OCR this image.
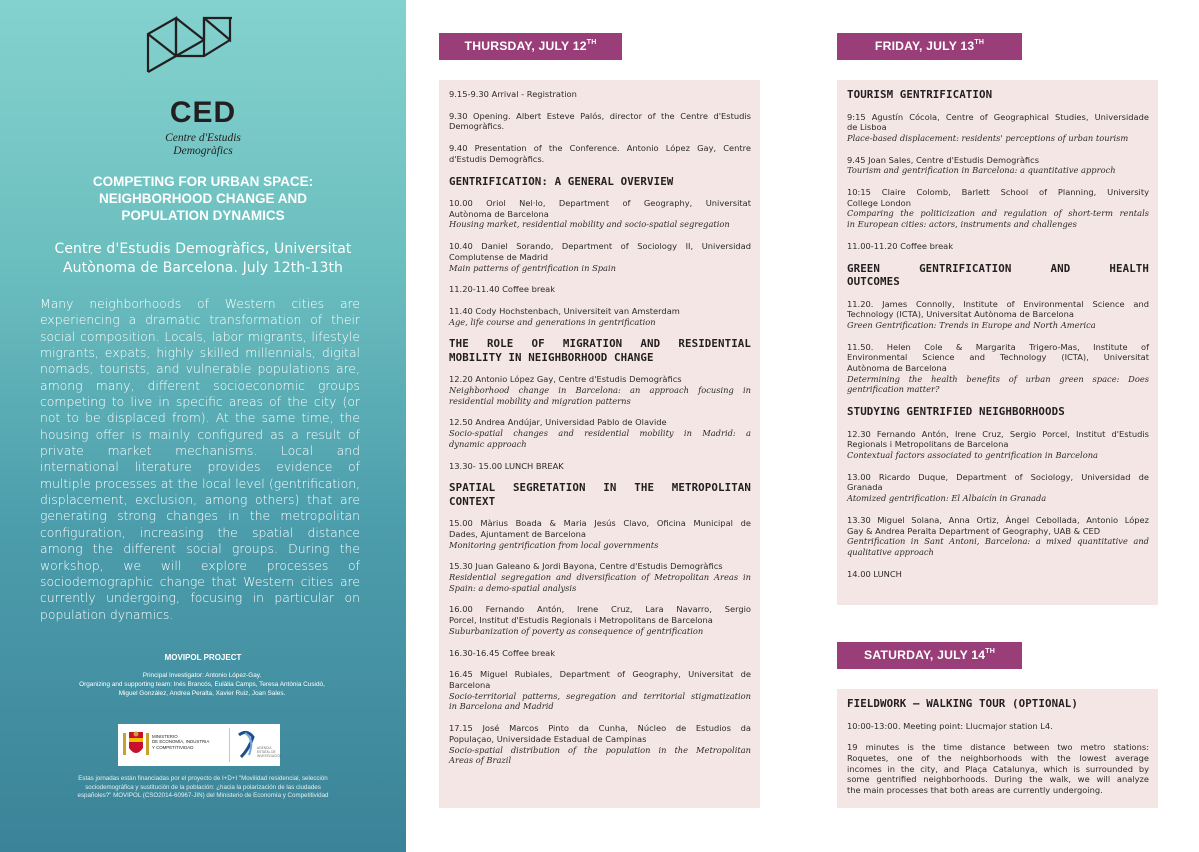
CED
Centre d'Estudis
Demogràfics
COMPETING FOR URBAN SPACE:
NEIGHBORHOOD CHANGE AND
POPULATION DYNAMICS
Centre d'Estudis Demogràfics, Universitat
Autònoma de Barcelona. July 12th-13th
Many neighborhoods of Western cities are experiencing a dramatic transformation of their social composition. Locals, labor migrants, lifestyle migrants, expats, highly skilled millennials, digital nomads, tourists, and vulnerable populations are, among many, different socioeconomic groups competing to live in specific areas of the city (or not to be displaced from). At the same time, the housing offer is mainly configured as a result of private market mechanisms. Local and international literature provides evidence of multiple processes at the local level (gentrification, displacement, exclusion, among others) that are generating strong changes in the metropolitan configuration, increasing the spatial distance among the different social groups. During the workshop, we will explore processes of sociodemographic change that Western cities are currently undergoing, focusing in particular on population dynamics.
MOVIPOL PROJECT
Principal Investigator: Antonio López-Gay.
Organizing and supporting team: Inés Brancós, Eulàlia Camps, Teresa Antònia Cusidó,
Miguel González, Andrea Peralta, Xavier Ruiz, Joan Sales.
MINISTERIO
DE ECONOMÍA, INDUSTRIA
Y COMPETITIVIDAD	AGENCIA
ESTATAL DE
INVESTIGACIÓN
Estas jornadas están financiadas por el proyecto de I+D+I "Movilidad residencial, selección
sociodemográfica y sustitución de la población: ¿hacia la polarización de las ciudades
españoles?" MOVIPOL (CSO2014-60967-JIN) del Ministerio de Economía y Competitividad
THURSDAY, JULY 12TH

9.15-9.30 Arrival - Registration

9.30 Opening. Albert Esteve Palós, director of the Centre d'Estudis
Demogràfics.

9.40 Presentation of the Conference. Antonio López Gay, Centre
d'Estudis Demogràfics.

GENTRIFICATION: A GENERAL OVERVIEW

10.00 Oriol Nel·lo, Department of Geography, Universitat
Autònoma de Barcelona
Housing market, residential mobility and socio-spatial segregation

10.40 Daniel Sorando, Department of Sociology II, Universidad
Complutense de Madrid
Main patterns of gentrification in Spain

11.20-11.40 Coffee break

11.40 Cody Hochstenbach, Universiteit van Amsterdam
Age, life course and generations in gentrification

THE ROLE OF MIGRATION AND RESIDENTIAL
MOBILITY IN NEIGHBORHOOD CHANGE

12.20 Antonio López Gay, Centre d'Estudis Demogràfics
Neighborhood change in Barcelona: an approach focusing in
residential mobility and migration patterns

12.50 Andrea Andújar, Universidad Pablo de Olavide
Socio-spatial changes and residential mobility in Madrid: a
dynamic approach

13.30- 15.00 LUNCH BREAK

SPATIAL SEGRETATION IN THE METROPOLITAN
CONTEXT

15.00 Màrius Boada & Maria Jesús Clavo, Oficina Municipal de
Dades, Ajuntament de Barcelona
Monitoring gentrification from local governments

15.30 Juan Galeano & Jordi Bayona, Centre d'Estudis Demogràfics
Residential segregation and diversification of Metropolitan Areas in
Spain: a demo-spatial analysis

16.00 Fernando Antón, Irene Cruz, Lara Navarro, Sergio
Porcel, Institut d'Estudis Regionals i Metropolitans de Barcelona
Suburbanization of poverty as consequence of gentrification

16.30-16.45 Coffee break

16.45 Miguel Rubiales, Department of Geography, Universitat de
Barcelona
Socio-territorial patterns, segregation and territorial stigmatization
in Barcelona and Madrid

17.15 José Marcos Pinto da Cunha, Núcleo de Estudios da
Populaçao, Universidade Estadual de Campinas
Socio-spatial distribution of the population in the Metropolitan
Areas of Brazil

FRIDAY, JULY 13TH
TOURISM GENTRIFICATION

9:15 Agustín Cócola, Centre of Geographical Studies, Universidade
de Lisboa
Place-based displacement: residents' perceptions of urban tourism

9.45 Joan Sales, Centre d'Estudis Demogràfics
Tourism and gentrification in Barcelona: a quantitative approch

10:15 Claire Colomb, Barlett School of Planning, University
College London
Comparing the politicization and regulation of short-term rentals
in European cities: actors, instruments and challenges

11.00-11.20 Coffee break

GREEN GENTRIFICATION AND HEALTH
OUTCOMES

11.20. James Connolly, Institute of Environmental Science and
Technology (ICTA), Universitat Autònoma de Barcelona
Green Gentrification: Trends in Europe and North America

11.50. Helen Cole & Margarita Trigero-Mas, Institute of
Environmental Science and Technology (ICTA), Universitat
Autònoma de Barcelona
Determining the health benefits of urban green space: Does
gentrification matter?

STUDYING GENTRIFIED NEIGHBORHOODS

12.30 Fernando Antón, Irene Cruz, Sergio Porcel, Institut d'Estudis
Regionals i Metropolitans de Barcelona
Contextual factors associated to gentrification in Barcelona

13.00 Ricardo Duque, Department of Sociology, Universidad de
Granada
Atomized gentrification: El Albaicín in Granada

13.30 Miguel Solana, Anna Ortiz, Àngel Cebollada, Antonio López
Gay & Andrea Peralta Department of Geography, UAB & CED
Gentrification in Sant Antoni, Barcelona: a mixed quantitative and
qualitative approach

14.00 LUNCH

SATURDAY, JULY 14TH
FIELDWORK – WALKING TOUR (OPTIONAL)

10:00-13:00. Meeting point: Llucmajor station L4.

19 minutes is the time distance between two metro stations:
Roquetes, one of the neighborhoods with the lowest average
incomes in the city, and Plaça Catalunya, which is surrounded by
some gentrified neighborhoods. During the walk, we will analyze
the main processes that both areas are currently undergoing.
